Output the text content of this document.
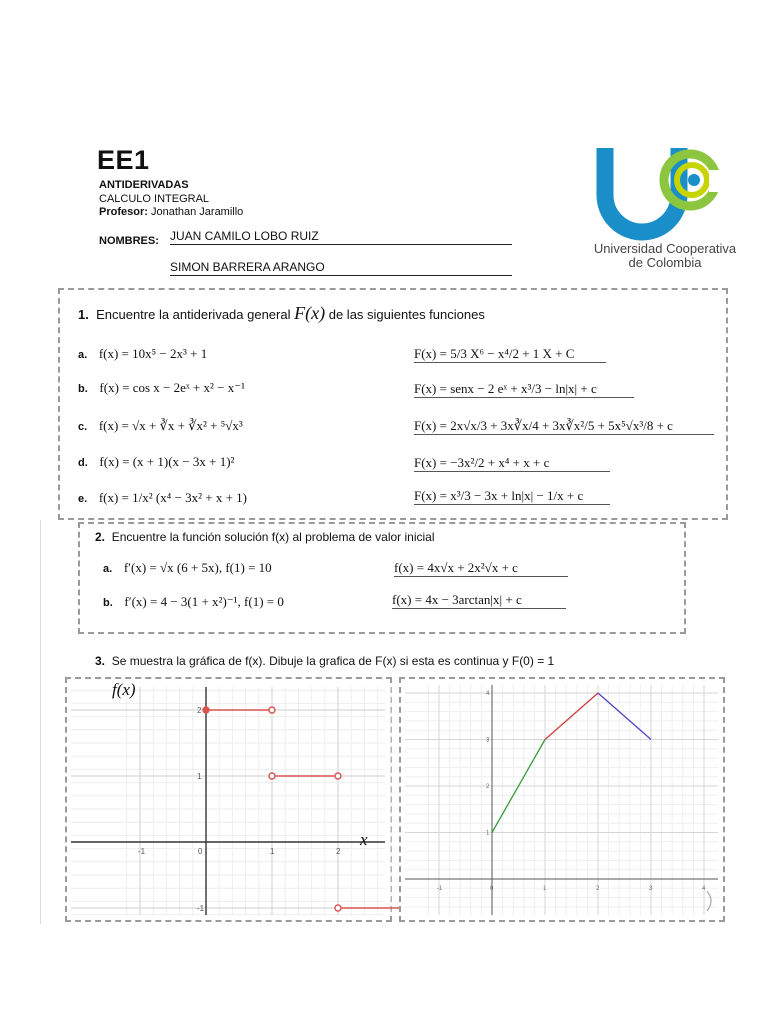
EE1
ANTIDERIVADAS
CALCULO INTEGRAL
Profesor: Jonathan Jaramillo
NOMBRES: JUAN CAMILO LOBO RUIZ
SIMON BARRERA ARANGO
Universidad Cooperativa
de Colombia
1. Encuentre la antiderivada general F(x) de las siguientes funciones
a. f(x) = 10x⁵ − 2x³ + 1	F(x) = 5/3 X⁶ − x⁴/2 + 1 X + C
b. f(x) = cos x − 2eˣ + x² − x⁻¹	F(x) = senx − 2 eˣ + x³/3 − ln|x| + c
c. f(x) = √x + ∛x + ∛x² + ⁵√x³	F(x) = 2x√x/3 + 3x∛x/4 + 3x∛x²/5 + 5x⁵√x³/8 + c
d. f(x) = (x + 1)(x − 3x + 1)²	F(x) = −3x²/2 + x⁴ + x + c
e. f(x) = 1/x² (x⁴ − 3x² + x + 1)	F(x) = x³/3 − 3x + ln|x| − 1/x + c
2. Encuentre la función solución f(x) al problema de valor inicial
a. f′(x) = √x (6 + 5x), f(1) = 10	f(x) = 4x√x + 2x²√x + c
b. f′(x) = 4 − 3(1 + x²)⁻¹, f(1) = 0	f(x) = 4x − 3arctan|x| + c
3. Se muestra la gráfica de f(x). Dibuje la grafica de F(x) si esta es continua y F(0) = 1
-1	0	1	2
-1
1
2
f(x)
x
-1	0	1	2	3	4
1
2
3
4
